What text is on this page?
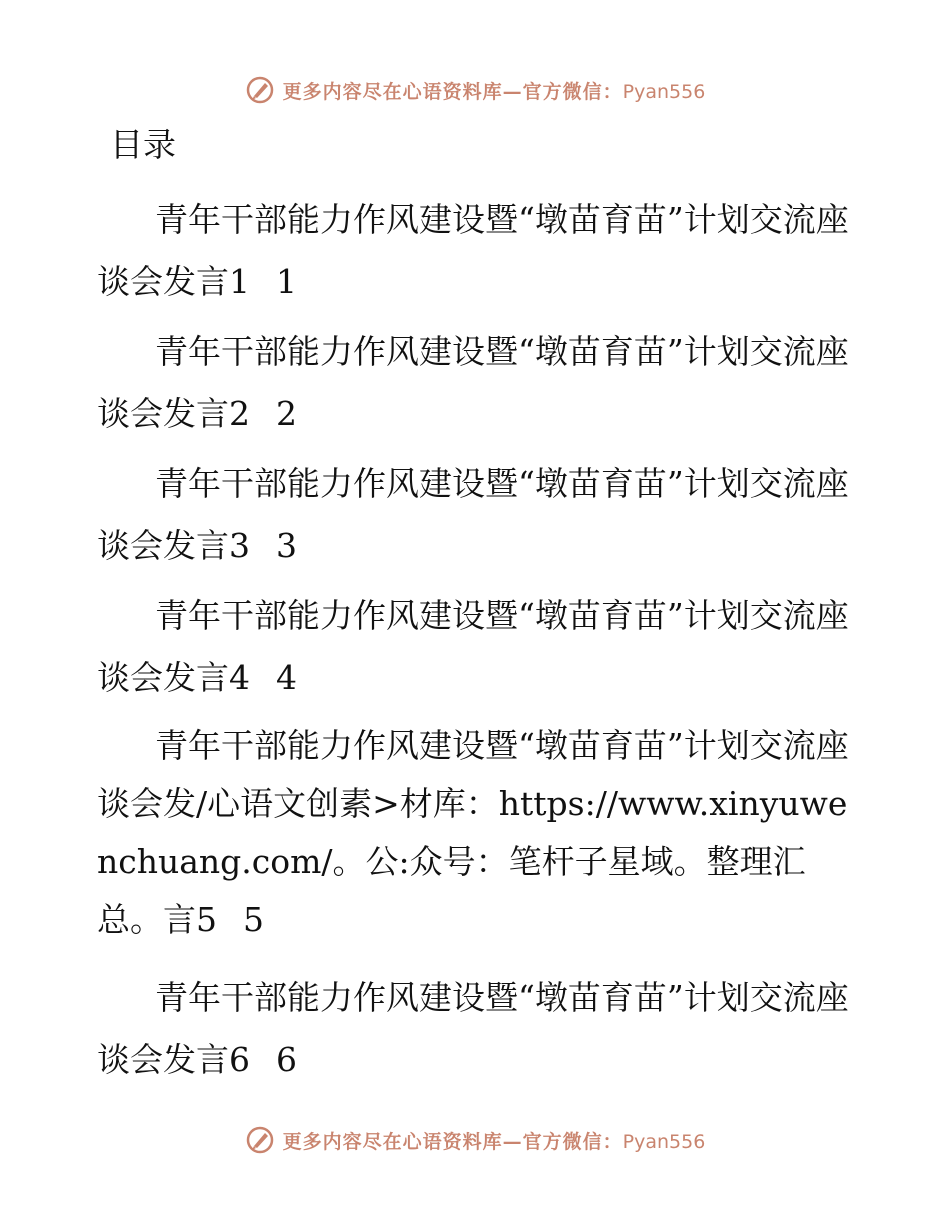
更多内容尽在心语资料库—官方微信：Pyan556
目录
青年干部能力作风建设暨“墩苗育苗”计划交流座谈会发言1 1
青年干部能力作风建设暨“墩苗育苗”计划交流座谈会发言2 2
青年干部能力作风建设暨“墩苗育苗”计划交流座谈会发言3 3
青年干部能力作风建设暨“墩苗育苗”计划交流座谈会发言4 4
青年干部能力作风建设暨“墩苗育苗”计划交流座谈会发/心语文创素>材库：https://www.xinyuwenchuang.com/。公:众号：笔杆子星域。整理汇总。言5 5
青年干部能力作风建设暨“墩苗育苗”计划交流座谈会发言6 6
更多内容尽在心语资料库—官方微信：Pyan556
